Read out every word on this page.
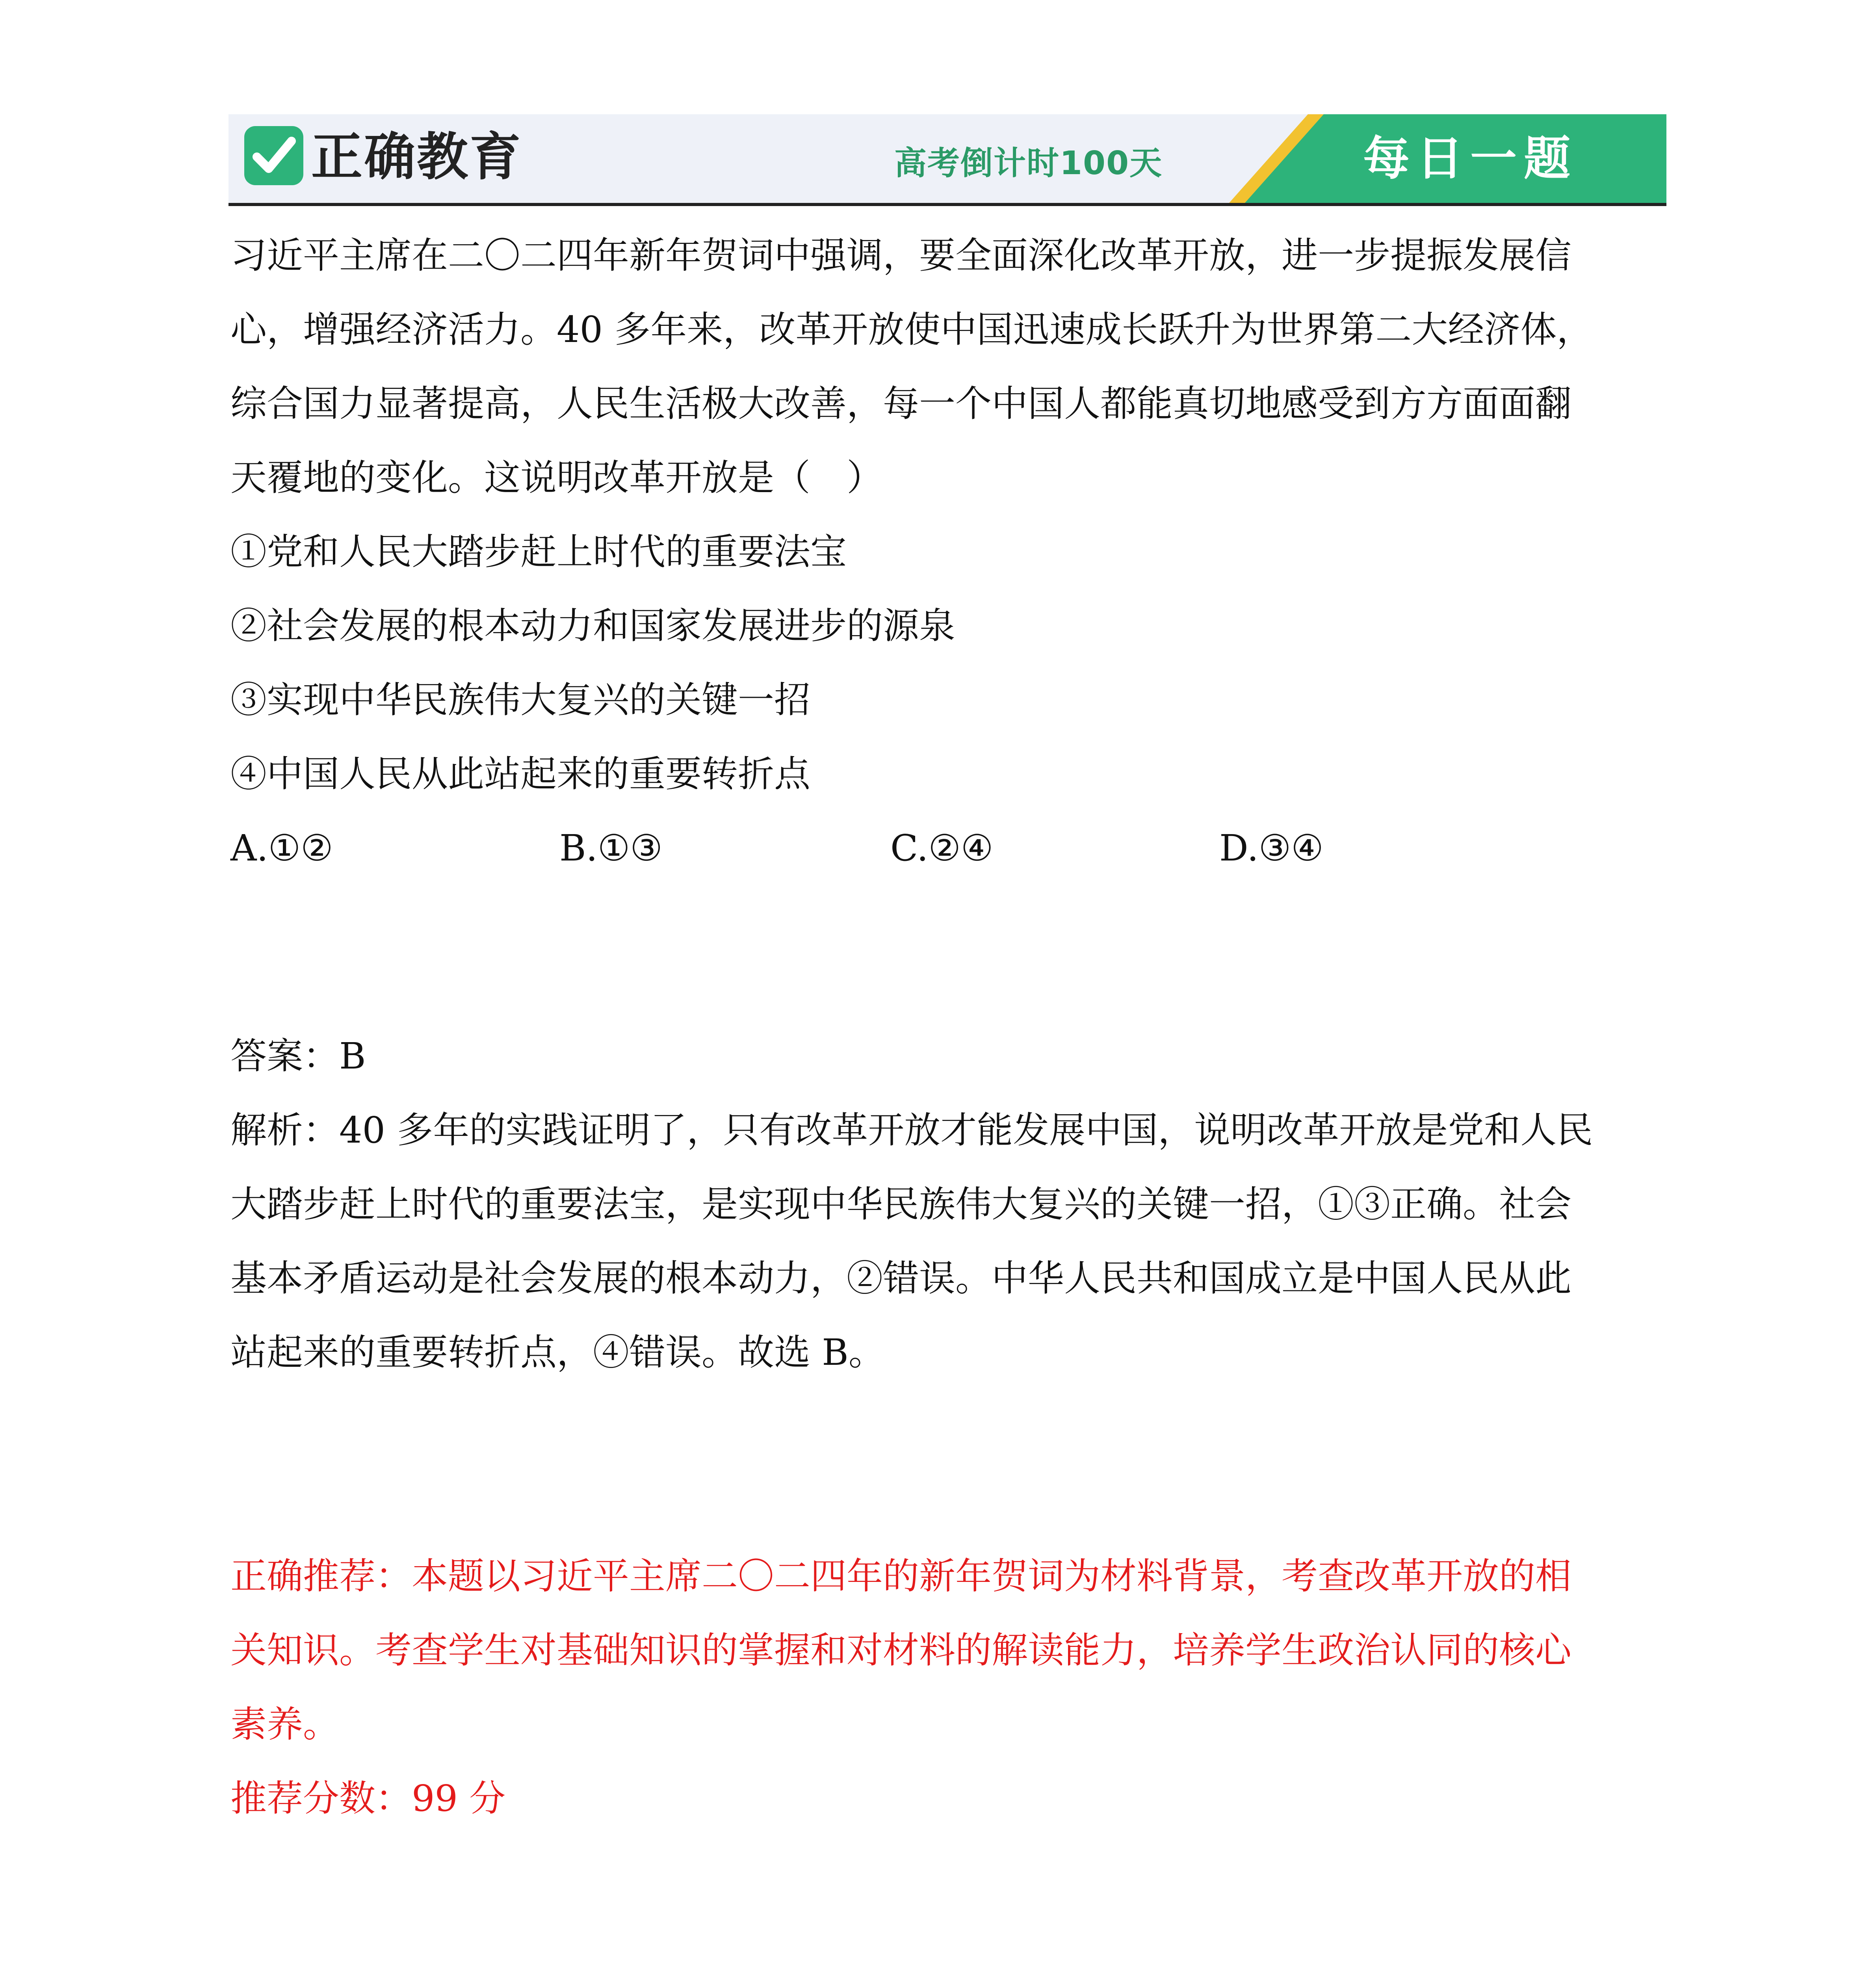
正确教育	高考倒计时100天	每日一题

习近平主席在二〇二四年新年贺词中强调，要全面深化改革开放，进一步提振发展信

心，增强经济活力。40 多年来，改革开放使中国迅速成长跃升为世界第二大经济体，

综合国力显著提高，人民生活极大改善，每一个中国人都能真切地感受到方方面面翻

天覆地的变化。这说明改革开放是（　）

①党和人民大踏步赶上时代的重要法宝

②社会发展的根本动力和国家发展进步的源泉

③实现中华民族伟大复兴的关键一招

④中国人民从此站起来的重要转折点

A.①②	B.①③	C.②④	D.③④

答案：B

解析：40 多年的实践证明了，只有改革开放才能发展中国，说明改革开放是党和人民

大踏步赶上时代的重要法宝，是实现中华民族伟大复兴的关键一招，①③正确。社会

基本矛盾运动是社会发展的根本动力，②错误。中华人民共和国成立是中国人民从此

站起来的重要转折点，④错误。故选 B。

正确推荐：本题以习近平主席二〇二四年的新年贺词为材料背景，考查改革开放的相

关知识。考查学生对基础知识的掌握和对材料的解读能力，培养学生政治认同的核心

素养。

推荐分数：99 分
